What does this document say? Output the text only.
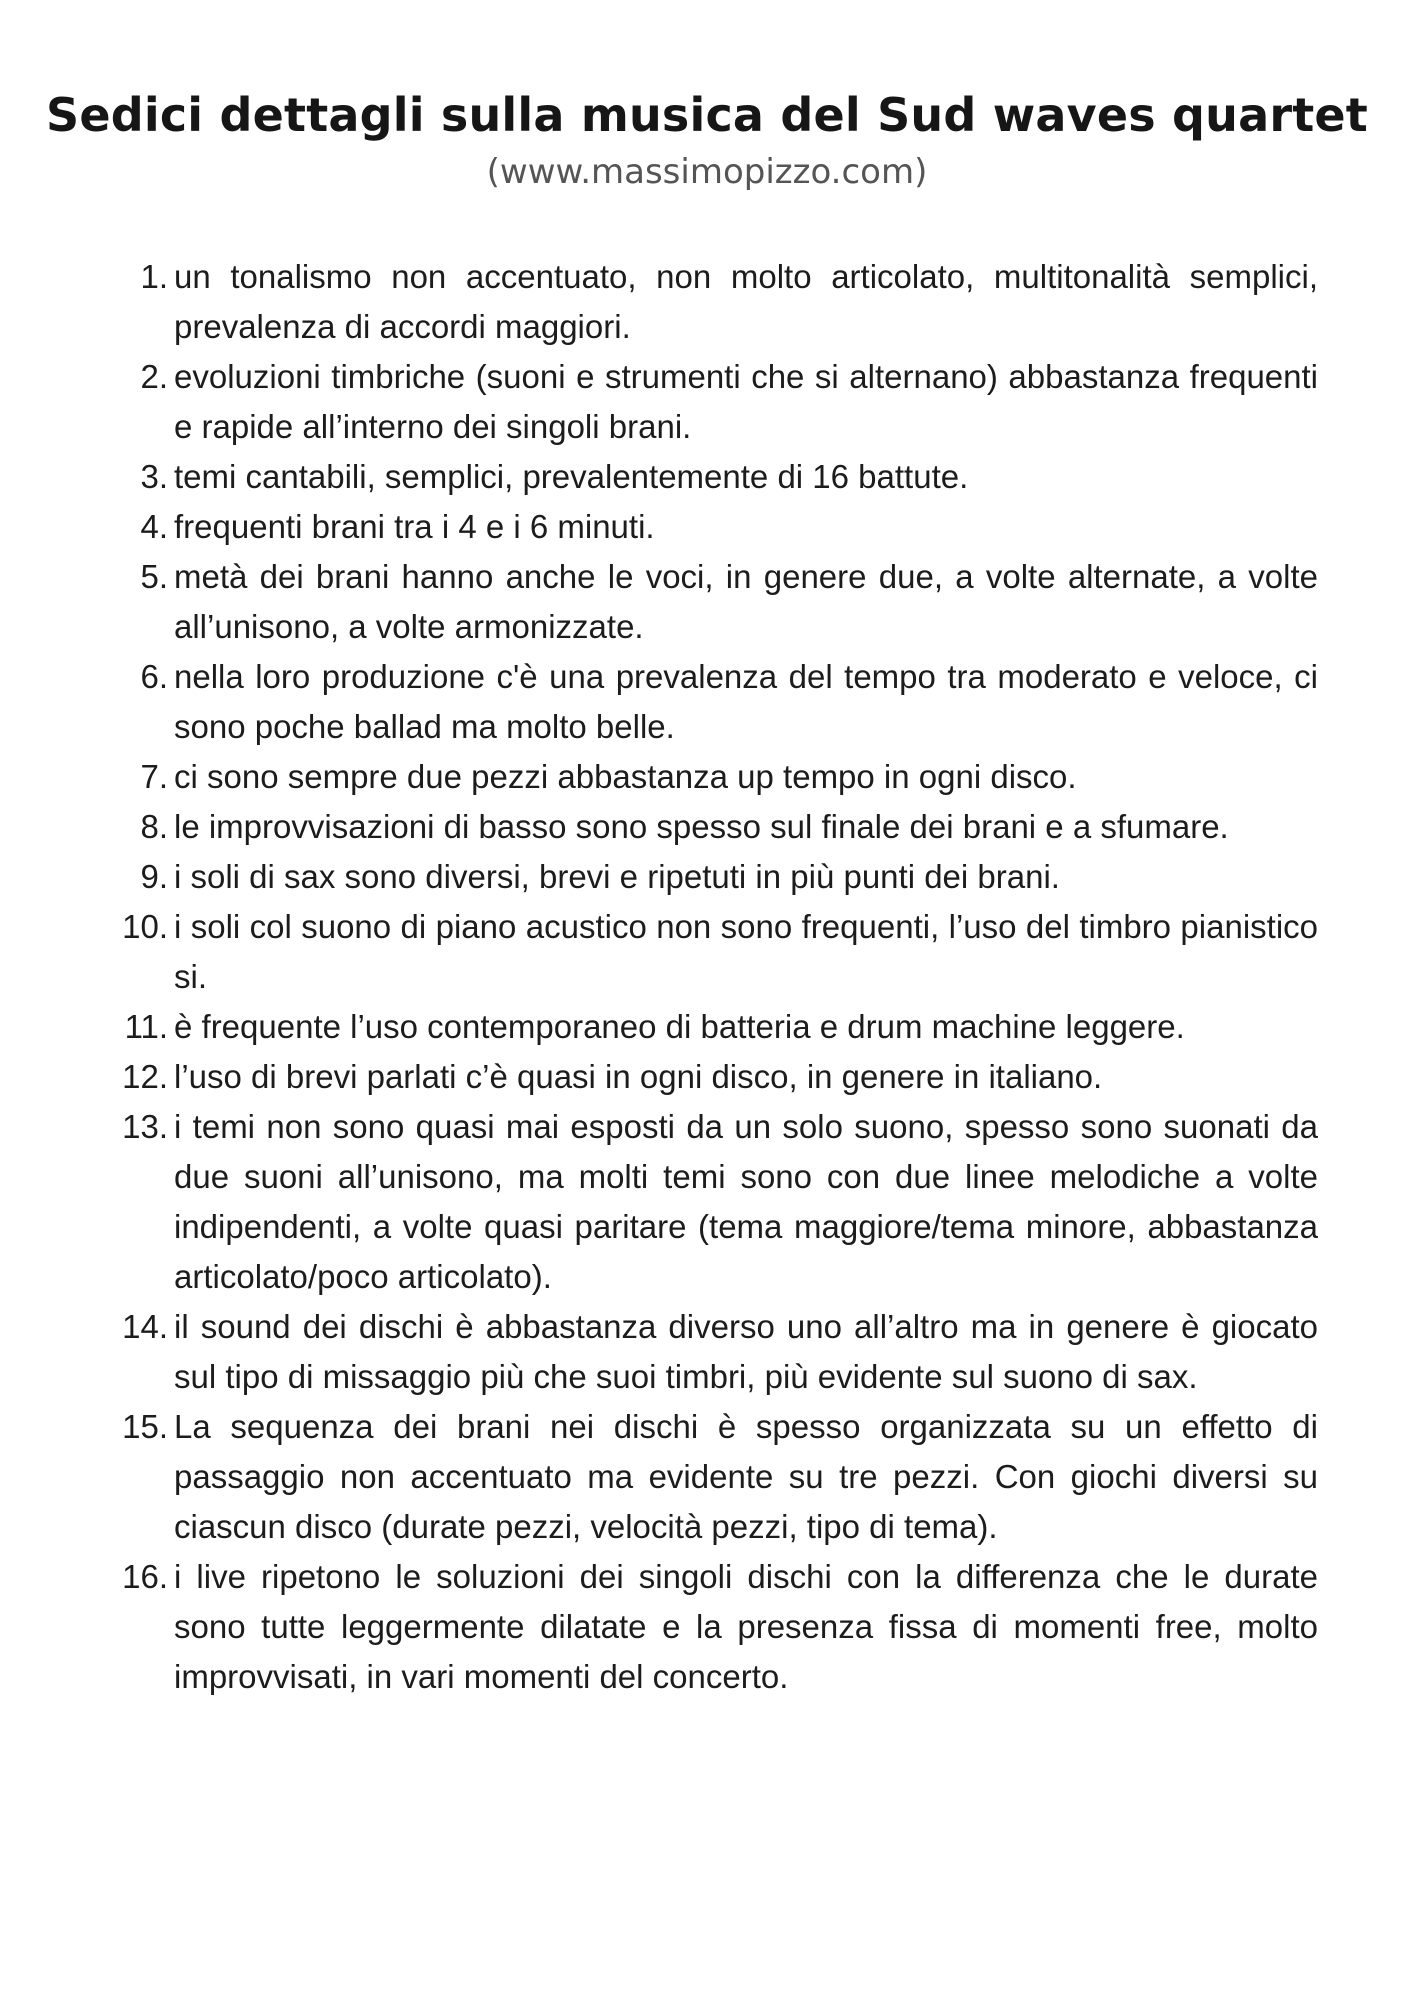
Sedici dettagli sulla musica del Sud waves quartet

(www.massimopizzo.com)

1. un tonalismo non accentuato, non molto articolato, multitonalità semplici, prevalenza di accordi maggiori.
2. evoluzioni timbriche (suoni e strumenti che si alternano) abbastanza frequenti e rapide all’interno dei singoli brani.
3. temi cantabili, semplici, prevalentemente di 16 battute.
4. frequenti brani tra i 4 e i 6 minuti.
5. metà dei brani hanno anche le voci, in genere due, a volte alternate, a volte all’unisono, a volte armonizzate.
6. nella loro produzione c'è una prevalenza del tempo tra moderato e veloce, ci sono poche ballad ma molto belle.
7. ci sono sempre due pezzi abbastanza up tempo in ogni disco.
8. le improvvisazioni di basso sono spesso sul finale dei brani e a sfumare.
9. i soli di sax sono diversi, brevi e ripetuti in più punti dei brani.
10. i soli col suono di piano acustico non sono frequenti, l’uso del timbro pianistico si.
11. è frequente l’uso contemporaneo di batteria e drum machine leggere.
12. l’uso di brevi parlati c’è quasi in ogni disco, in genere in italiano.
13. i temi non sono quasi mai esposti da un solo suono, spesso sono suonati da due suoni all’unisono, ma molti temi sono con due linee melodiche a volte indipendenti, a volte quasi paritare (tema maggiore/tema minore, abbastanza articolato/poco articolato).
14. il sound dei dischi è abbastanza diverso uno all’altro ma in genere è giocato sul tipo di missaggio più che suoi timbri, più evidente sul suono di sax.
15. La sequenza dei brani nei dischi è spesso organizzata su un effetto di passaggio non accentuato ma evidente su tre pezzi. Con giochi diversi su ciascun disco (durate pezzi, velocità pezzi, tipo di tema).
16. i live ripetono le soluzioni dei singoli dischi con la differenza che le durate sono tutte leggermente dilatate e la presenza fissa di momenti free, molto improvvisati, in vari momenti del concerto.
